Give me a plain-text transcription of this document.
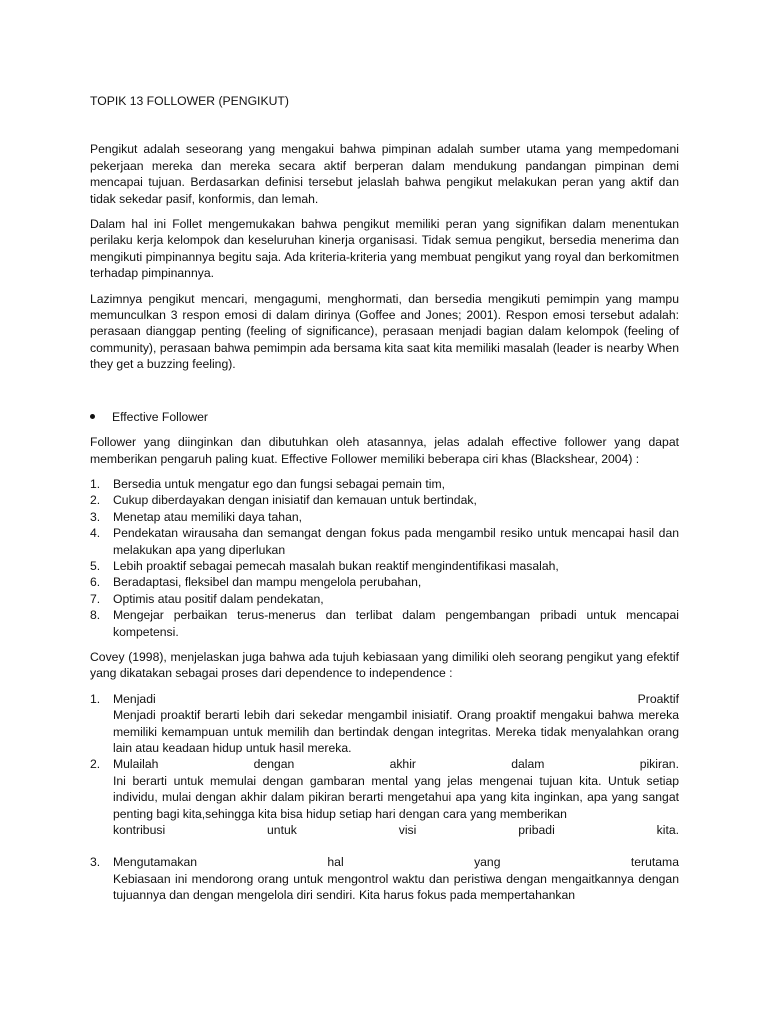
TOPIK 13 FOLLOWER (PENGIKUT)

Pengikut adalah seseorang yang mengakui bahwa pimpinan adalah sumber utama yang mempedomani pekerjaan mereka dan mereka secara aktif berperan dalam mendukung pandangan pimpinan demi mencapai tujuan. Berdasarkan definisi tersebut jelaslah bahwa pengikut melakukan peran yang aktif dan tidak sekedar pasif, konformis, dan lemah.

Dalam hal ini Follet mengemukakan bahwa pengikut memiliki peran yang signifikan dalam menentukan perilaku kerja kelompok dan keseluruhan kinerja organisasi. Tidak semua pengikut, bersedia menerima dan mengikuti pimpinannya begitu saja. Ada kriteria-kriteria yang membuat pengikut yang royal dan berkomitmen terhadap pimpinannya.

Lazimnya pengikut mencari, mengagumi, menghormati, dan bersedia mengikuti pemimpin yang mampu memunculkan 3 respon emosi di dalam dirinya (Goffee and Jones; 2001). Respon emosi tersebut adalah: perasaan dianggap penting (feeling of significance), perasaan menjadi bagian dalam kelompok (feeling of community), perasaan bahwa pemimpin ada bersama kita saat kita memiliki masalah (leader is nearby When they get a buzzing feeling).

Effective Follower

Follower yang diinginkan dan dibutuhkan oleh atasannya, jelas adalah effective follower yang dapat memberikan pengaruh paling kuat. Effective Follower memiliki beberapa ciri khas (Blackshear, 2004) :

1. Bersedia untuk mengatur ego dan fungsi sebagai pemain tim,
2. Cukup diberdayakan dengan inisiatif dan kemauan untuk bertindak,
3. Menetap atau memiliki daya tahan,
4. Pendekatan wirausaha dan semangat dengan fokus pada mengambil resiko untuk mencapai hasil dan melakukan apa yang diperlukan
5. Lebih proaktif sebagai pemecah masalah bukan reaktif mengindentifikasi masalah,
6. Beradaptasi, fleksibel dan mampu mengelola perubahan,
7. Optimis atau positif dalam pendekatan,
8. Mengejar perbaikan terus-menerus dan terlibat dalam pengembangan pribadi untuk mencapai kompetensi.

Covey (1998), menjelaskan juga bahwa ada tujuh kebiasaan yang dimiliki oleh seorang pengikut yang efektif yang dikatakan sebagai proses dari dependence to independence :

1. Menjadi	Proaktif
Menjadi proaktif berarti lebih dari sekedar mengambil inisiatif. Orang proaktif mengakui bahwa mereka memiliki kemampuan untuk memilih dan bertindak dengan integritas. Mereka tidak menyalahkan orang lain atau keadaan hidup untuk hasil mereka.
2. Mulailah	dengan	akhir	dalam	pikiran.
Ini berarti untuk memulai dengan gambaran mental yang jelas mengenai tujuan kita. Untuk setiap individu, mulai dengan akhir dalam pikiran berarti mengetahui apa yang kita inginkan, apa yang sangat penting bagi kita,sehingga kita bisa hidup setiap hari dengan cara yang memberikan
kontribusi	untuk	visi	pribadi	kita.
3. Mengutamakan	hal	yang	terutama
Kebiasaan ini mendorong orang untuk mengontrol waktu dan peristiwa dengan mengaitkannya dengan tujuannya dan dengan mengelola diri sendiri. Kita harus fokus pada mempertahankan
